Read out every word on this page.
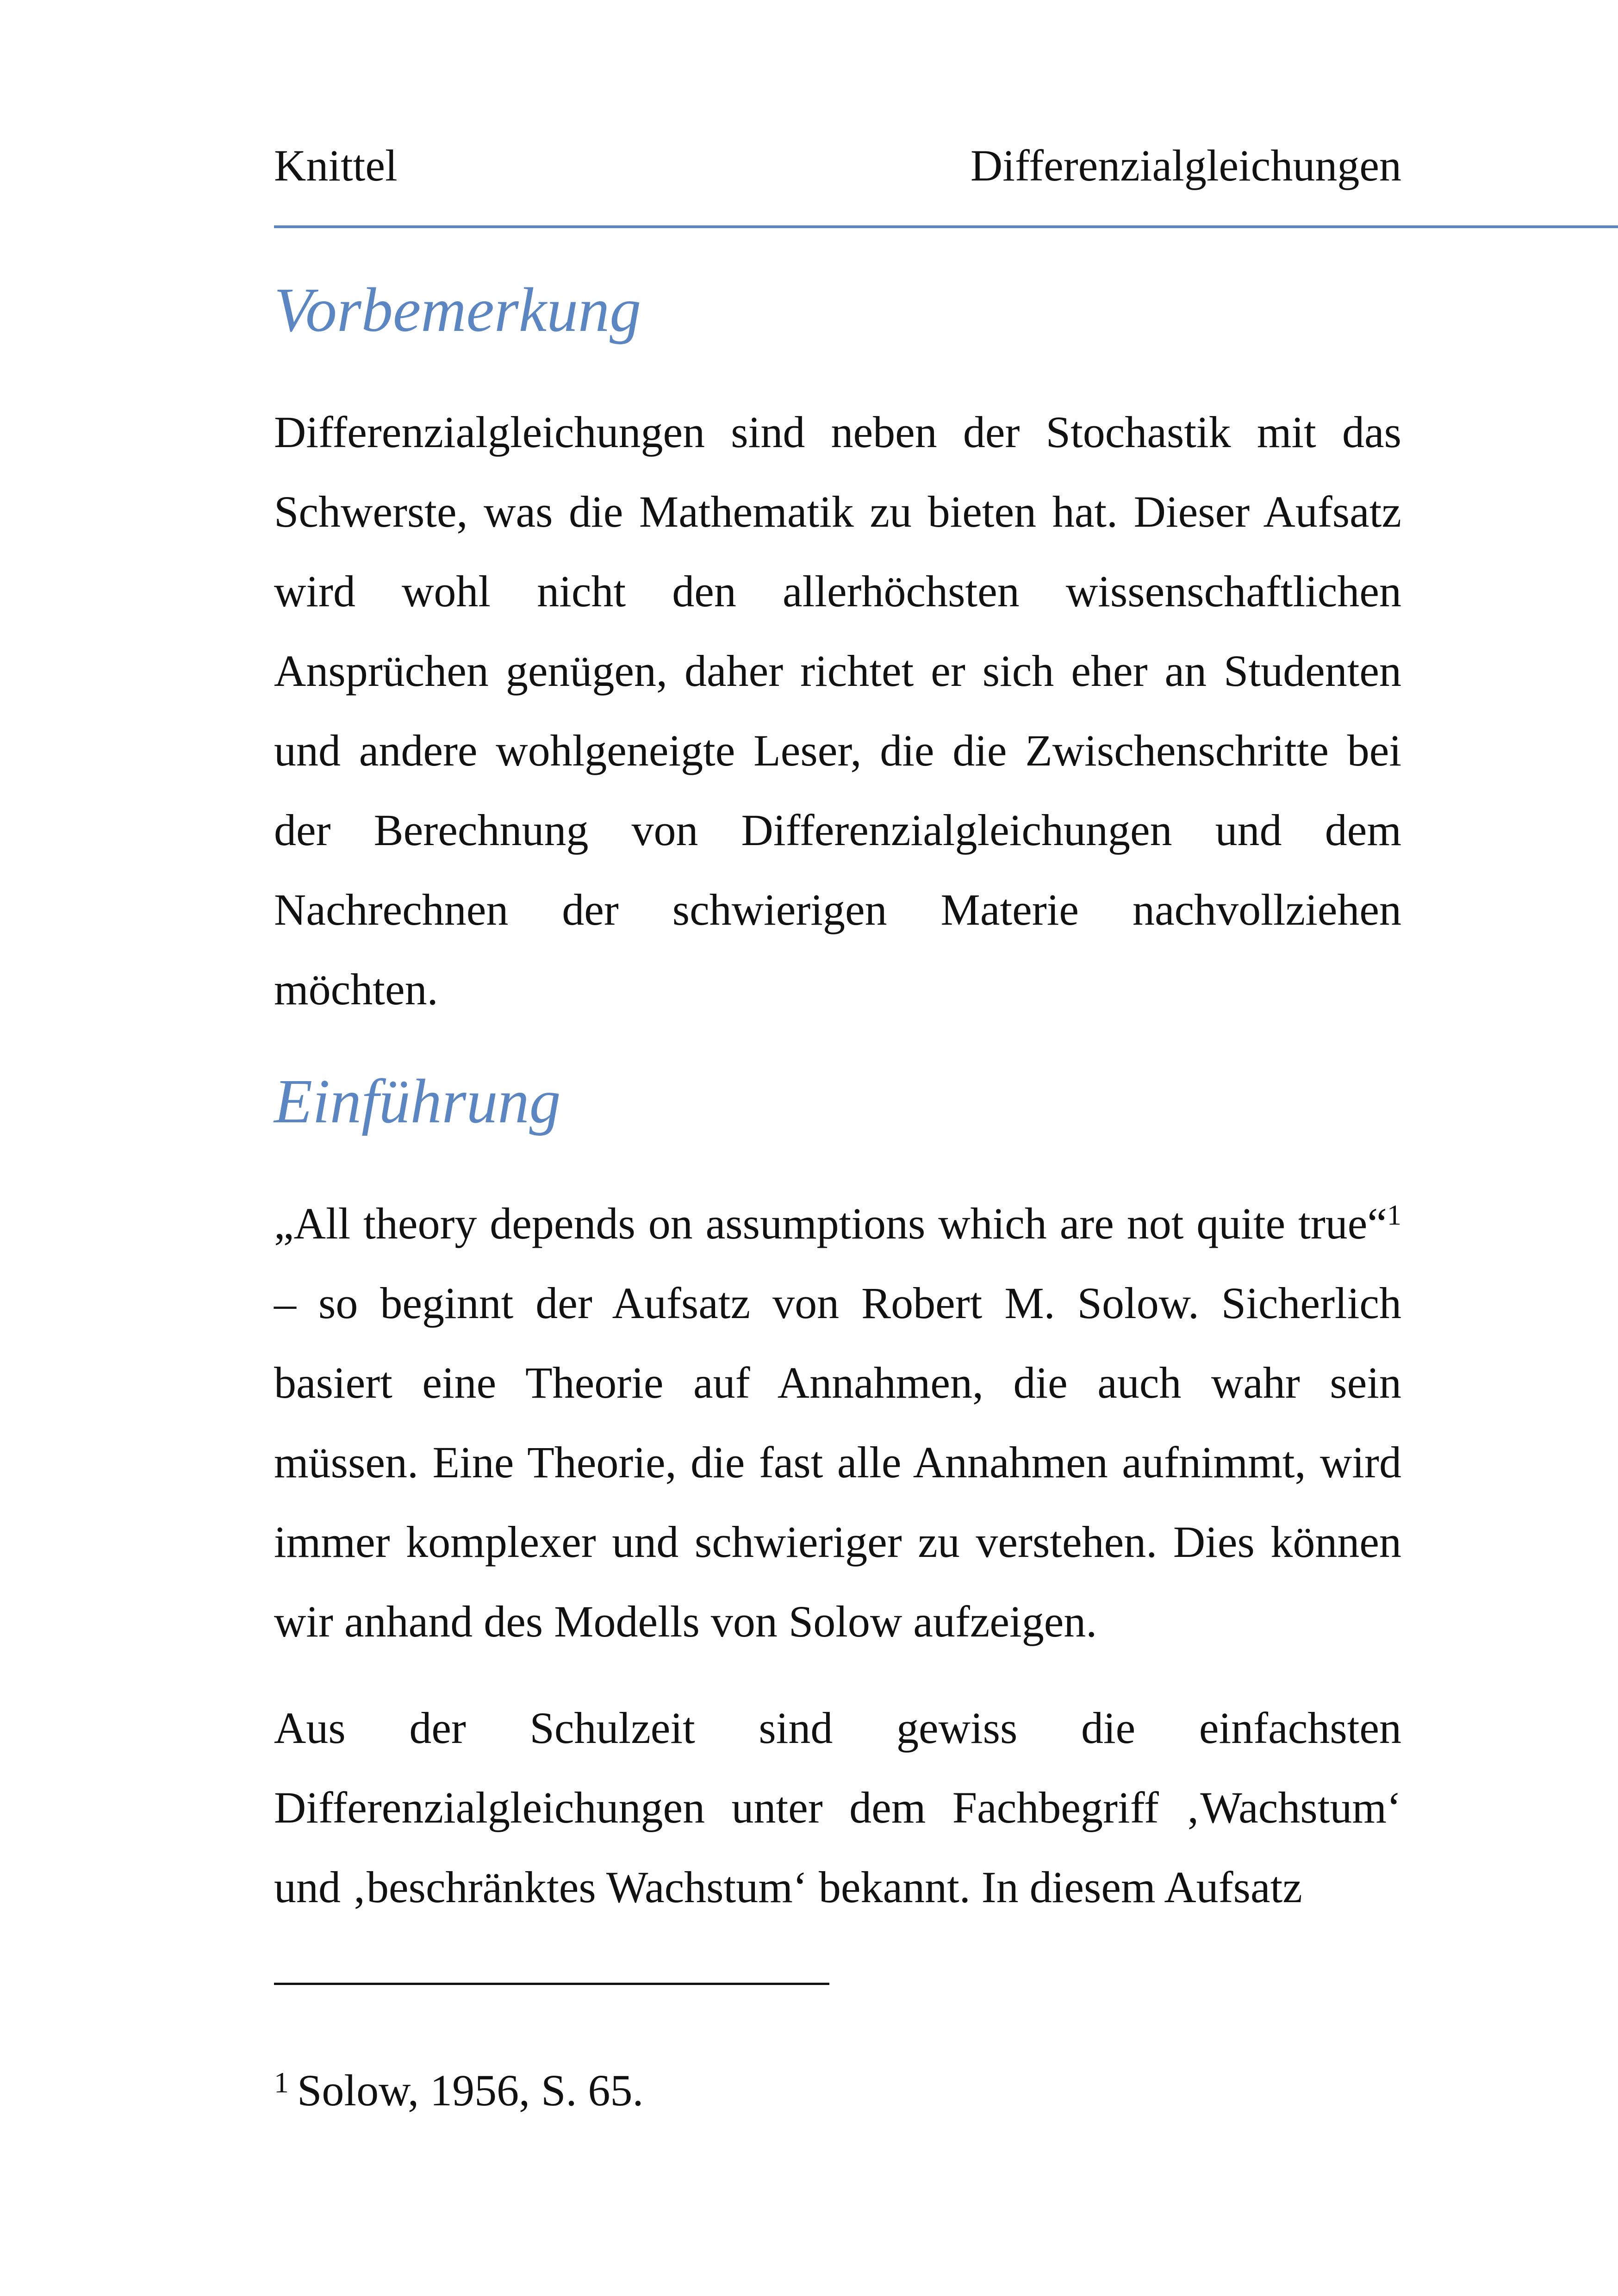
Knittel	Differenzialgleichungen
Vorbemerkung

Differenzialgleichungen sind neben der Stochastik mit das Schwerste, was die Mathematik zu bieten hat. Dieser Aufsatz wird wohl nicht den allerhöchsten wissenschaftlichen Ansprüchen genügen, daher richtet er sich eher an Studenten und andere wohlgeneigte Leser, die die Zwischenschritte bei der Berechnung von Differenzialgleichungen und dem Nachrechnen der schwierigen Materie nachvollziehen möchten.

Einführung

„All theory depends on assumptions which are not quite true“$^1$ – so beginnt der Aufsatz von Robert M. Solow. Sicherlich basiert eine Theorie auf Annahmen, die auch wahr sein müssen. Eine Theorie, die fast alle Annahmen aufnimmt, wird immer komplexer und schwieriger zu verstehen. Dies können wir anhand des Modells von Solow aufzeigen.

Aus der Schulzeit sind gewiss die einfachsten Differenzialgleichungen unter dem Fachbegriff ‚Wachstum‘ und ‚beschränktes Wachstum‘ bekannt. In diesem Aufsatz

$^1$ Solow, 1956, S. 65.
